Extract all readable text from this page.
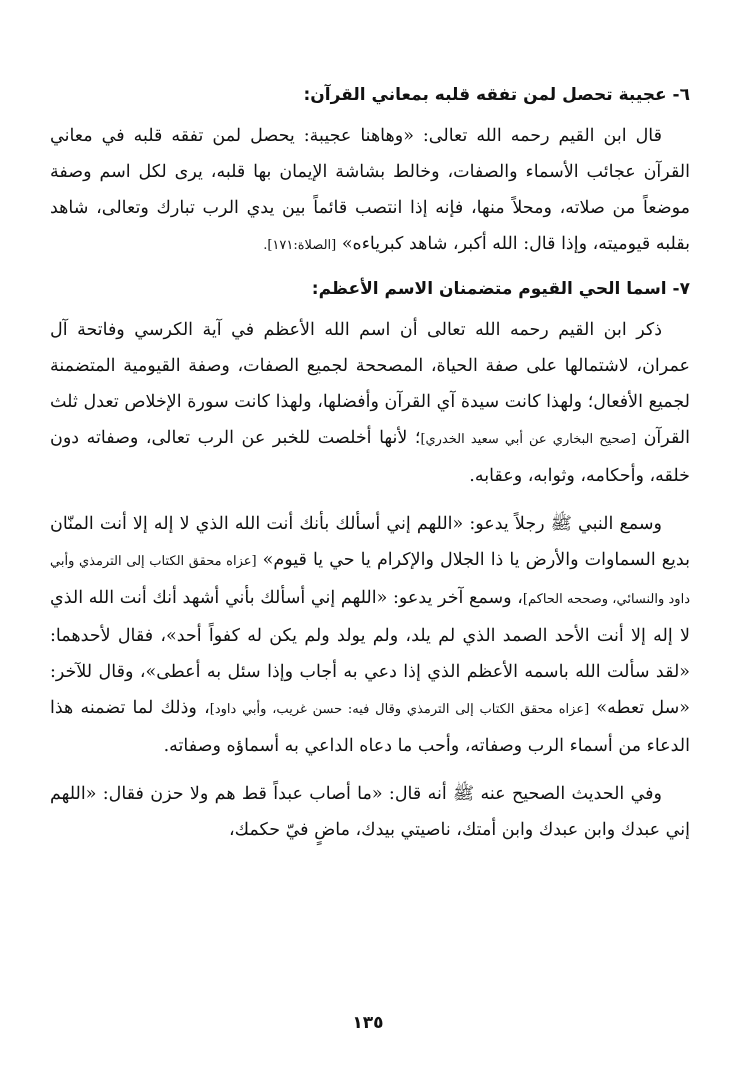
٦- عجيبة تحصل لمن تفقه قلبه بمعاني القرآن:

قال ابن القيم رحمه الله تعالى: «وهاهنا عجيبة: يحصل لمن تفقه قلبه في معاني القرآن عجائب الأسماء والصفات، وخالط بشاشة الإيمان بها قلبه، يرى لكل اسم وصفة موضعاً من صلاته، ومحلاً منها، فإنه إذا انتصب قائماً بين يدي الرب تبارك وتعالى، شاهد بقلبه قيوميته، وإذا قال: الله أكبر، شاهد كبرياءه» [الصلاة:١٧١].

٧- اسما الحي القيوم متضمنان الاسم الأعظم:

ذكر ابن القيم رحمه الله تعالى أن اسم الله الأعظم في آية الكرسي وفاتحة آل عمران، لاشتمالها على صفة الحياة، المصححة لجميع الصفات، وصفة القيومية المتضمنة لجميع الأفعال؛ ولهذا كانت سيدة آي القرآن وأفضلها، ولهذا كانت سورة الإخلاص تعدل ثلث القرآن [صحيح البخاري عن أبي سعيد الخدري]؛ لأنها أخلصت للخبر عن الرب تعالى، وصفاته دون خلقه، وأحكامه، وثوابه، وعقابه.

وسمع النبي ﷺ رجلاً يدعو: «اللهم إني أسألك بأنك أنت الله الذي لا إله إلا أنت المنّان بديع السماوات والأرض يا ذا الجلال والإكرام يا حي يا قيوم» [عزاه محقق الكتاب إلى الترمذي وأبي داود والنسائي، وصححه الحاكم]، وسمع آخر يدعو: «اللهم إني أسألك بأني أشهد أنك أنت الله الذي لا إله إلا أنت الأحد الصمد الذي لم يلد، ولم يولد ولم يكن له كفواً أحد»، فقال لأحدهما: «لقد سألت الله باسمه الأعظم الذي إذا دعي به أجاب وإذا سئل به أعطى»، وقال للآخر: «سل تعطه» [عزاه محقق الكتاب إلى الترمذي وقال فيه: حسن غريب، وأبي داود]، وذلك لما تضمنه هذا الدعاء من أسماء الرب وصفاته، وأحب ما دعاه الداعي به أسماؤه وصفاته.

وفي الحديث الصحيح عنه ﷺ أنه قال: «ما أصاب عبداً قط هم ولا حزن فقال: «اللهم إني عبدك وابن عبدك وابن أمتك، ناصيتي بيدك، ماضٍ فيّ حكمك،

١٣٥
